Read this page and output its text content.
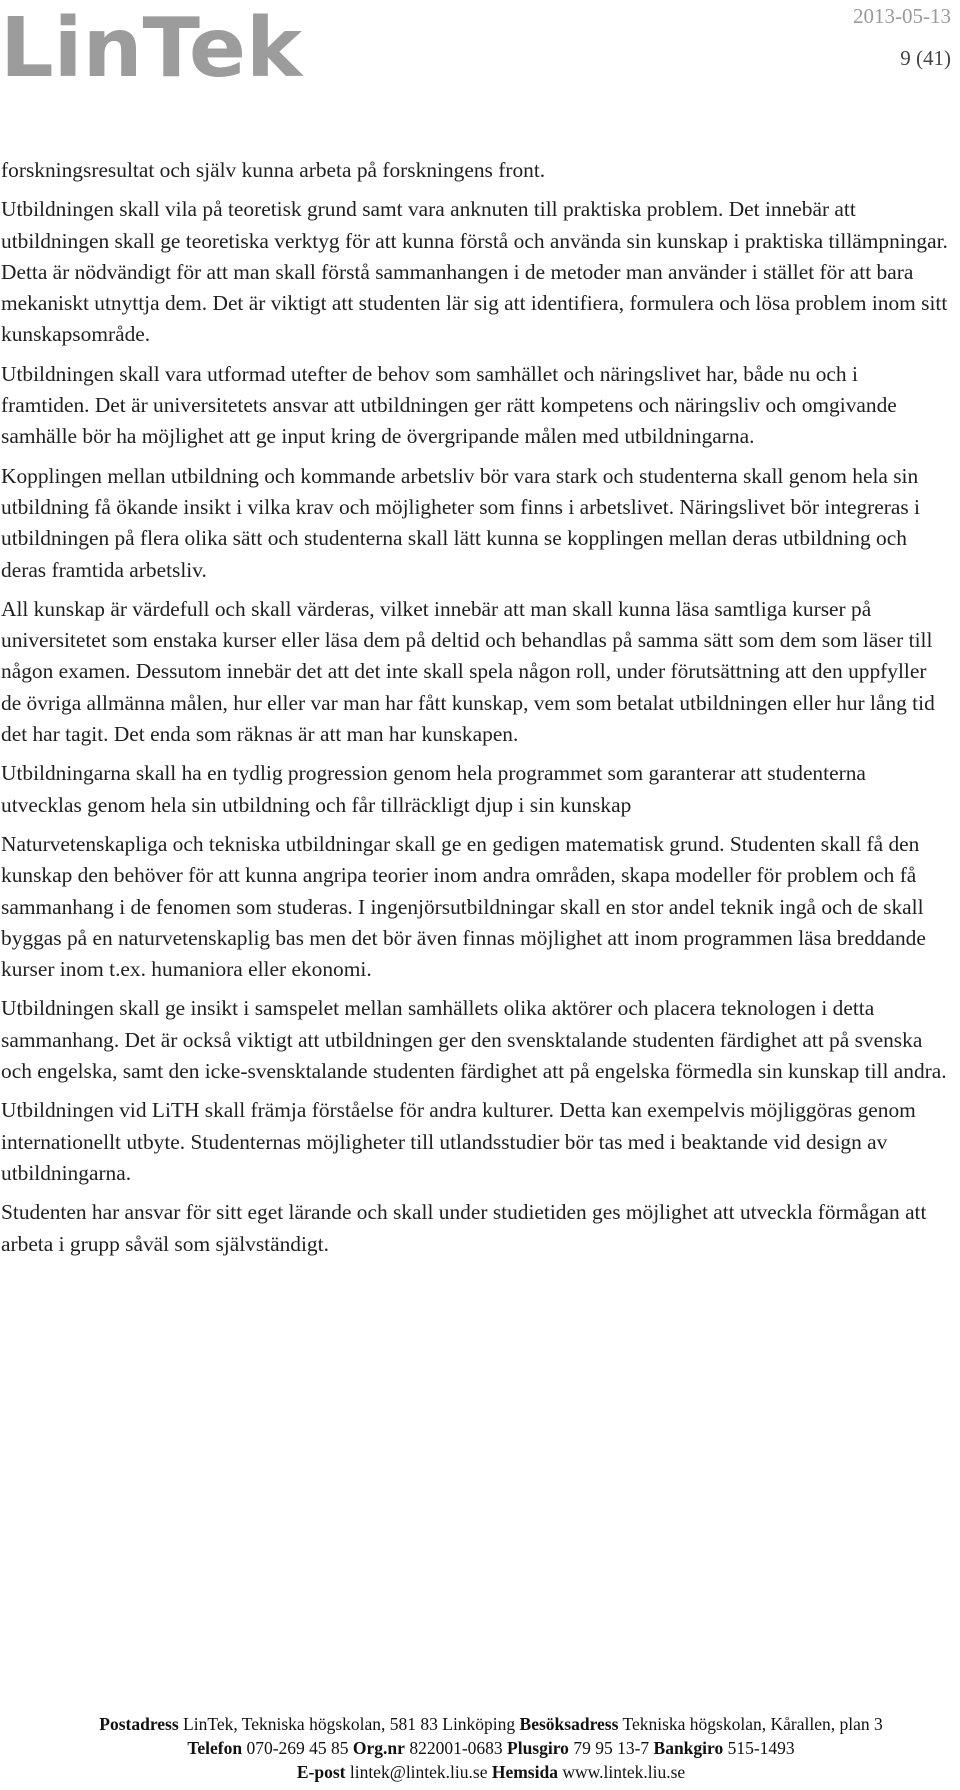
LinTek	2013-05-13
9 (41)

forskningsresultat och själv kunna arbeta på forskningens front.

Utbildningen skall vila på teoretisk grund samt vara anknuten till praktiska problem. Det innebär att utbildningen skall ge teoretiska verktyg för att kunna förstå och använda sin kunskap i praktiska tillämpningar. Detta är nödvändigt för att man skall förstå sammanhangen i de metoder man använder i stället för att bara mekaniskt utnyttja dem. Det är viktigt att studenten lär sig att identifiera, formulera och lösa problem inom sitt kunskapsområde.

Utbildningen skall vara utformad utefter de behov som samhället och näringslivet har, både nu och i framtiden. Det är universitetets ansvar att utbildningen ger rätt kompetens och näringsliv och omgivande samhälle bör ha möjlighet att ge input kring de övergripande målen med utbildningarna.

Kopplingen mellan utbildning och kommande arbetsliv bör vara stark och studenterna skall genom hela sin utbildning få ökande insikt i vilka krav och möjligheter som finns i arbetslivet. Näringslivet bör integreras i utbildningen på flera olika sätt och studenterna skall lätt kunna se kopplingen mellan deras utbildning och deras framtida arbetsliv.

All kunskap är värdefull och skall värderas, vilket innebär att man skall kunna läsa samtliga kurser på universitetet som enstaka kurser eller läsa dem på deltid och behandlas på samma sätt som dem som läser till någon examen. Dessutom innebär det att det inte skall spela någon roll, under förutsättning att den uppfyller de övriga allmänna målen, hur eller var man har fått kunskap, vem som betalat utbildningen eller hur lång tid det har tagit. Det enda som räknas är att man har kunskapen.

Utbildningarna skall ha en tydlig progression genom hela programmet som garanterar att studenterna utvecklas genom hela sin utbildning och får tillräckligt djup i sin kunskap

Naturvetenskapliga och tekniska utbildningar skall ge en gedigen matematisk grund. Studenten skall få den kunskap den behöver för att kunna angripa teorier inom andra områden, skapa modeller för problem och få sammanhang i de fenomen som studeras. I ingenjörsutbildningar skall en stor andel teknik ingå och de skall byggas på en naturvetenskaplig bas men det bör även finnas möjlighet att inom programmen läsa breddande kurser inom t.ex. humaniora eller ekonomi.

Utbildningen skall ge insikt i samspelet mellan samhällets olika aktörer och placera teknologen i detta sammanhang. Det är också viktigt att utbildningen ger den svensktalande studenten färdighet att på svenska och engelska, samt den icke-svensktalande studenten färdighet att på engelska förmedla sin kunskap till andra.

Utbildningen vid LiTH skall främja förståelse för andra kulturer. Detta kan exempelvis möjliggöras genom internationellt utbyte. Studenternas möjligheter till utlandsstudier bör tas med i beaktande vid design av utbildningarna.

Studenten har ansvar för sitt eget lärande och skall under studietiden ges möjlighet att utveckla förmågan att arbeta i grupp såväl som självständigt.

Postadress LinTek, Tekniska högskolan, 581 83 Linköping Besöksadress Tekniska högskolan, Kårallen, plan 3
Telefon 070-269 45 85 Org.nr 822001-0683 Plusgiro 79 95 13-7 Bankgiro 515-1493
E-post lintek@lintek.liu.se Hemsida www.lintek.liu.se
